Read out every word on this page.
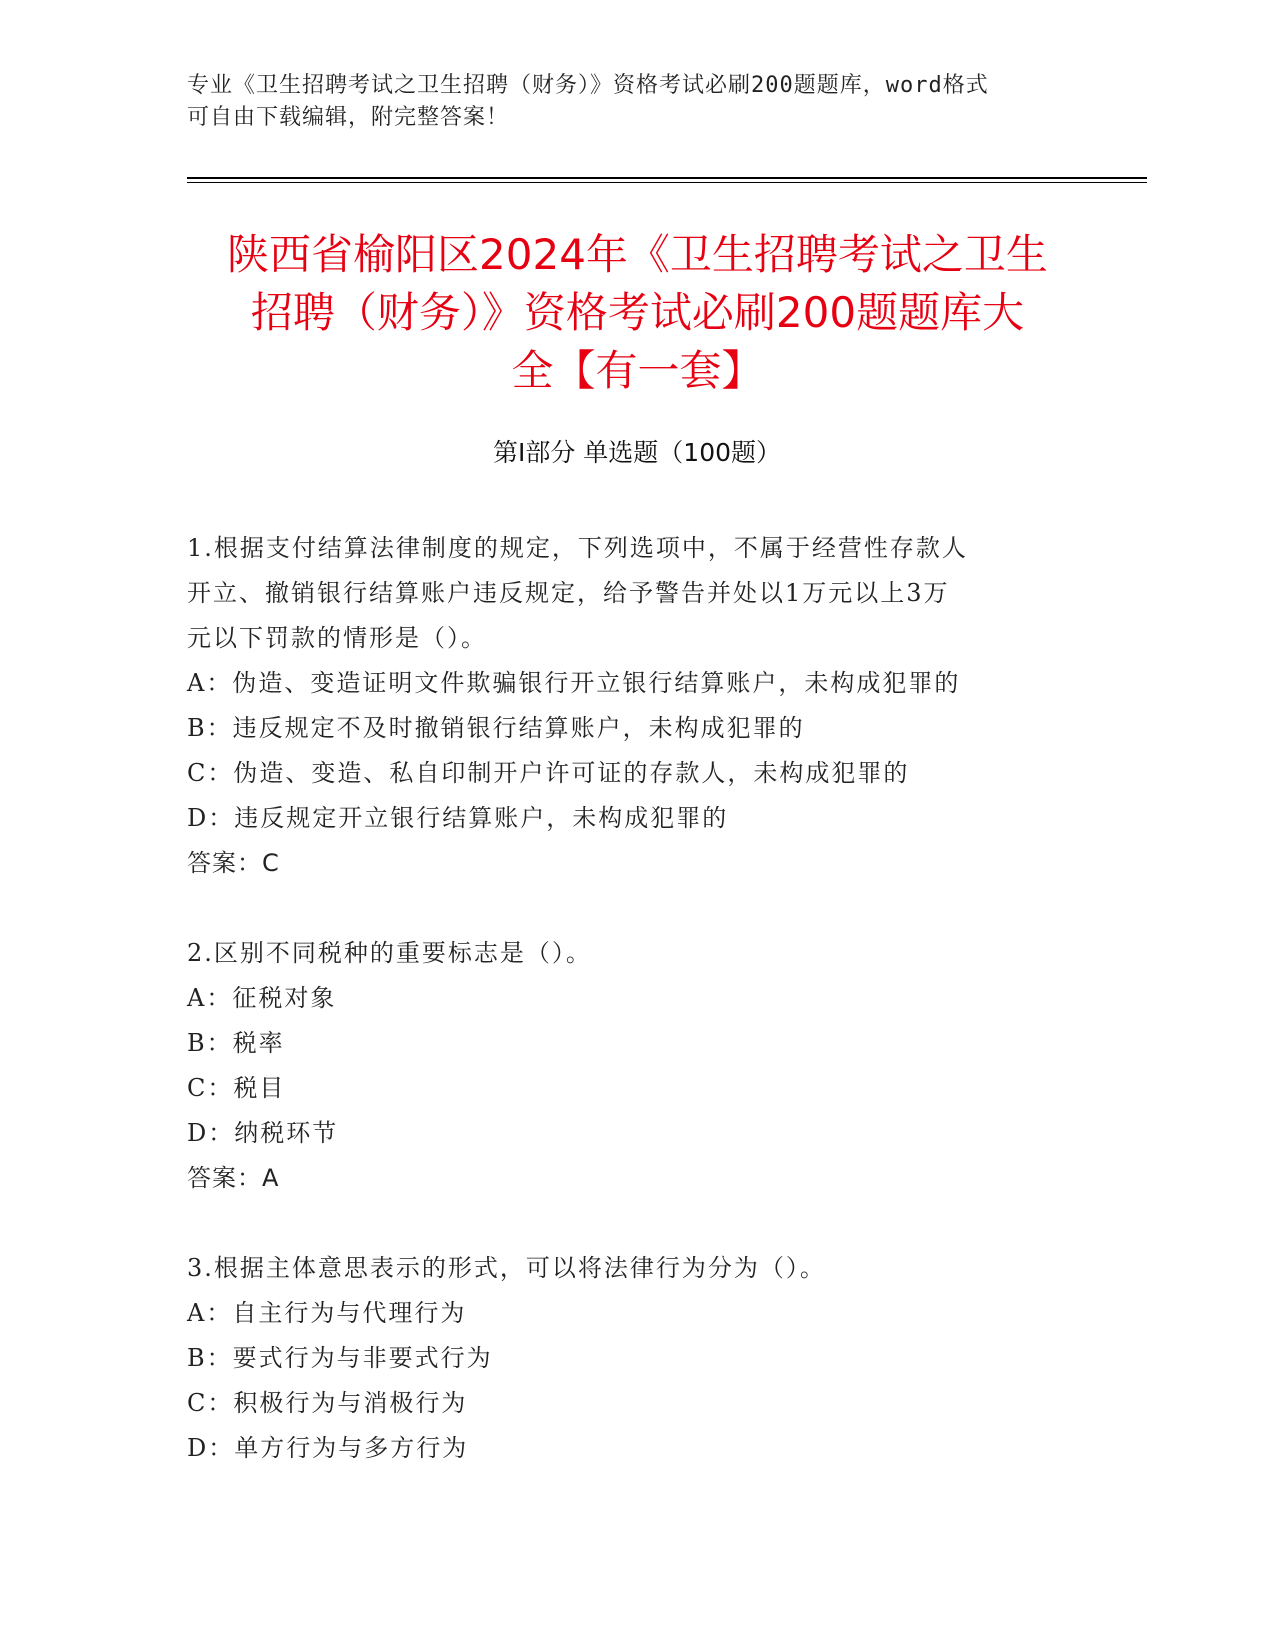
专业《卫生招聘考试之卫生招聘（财务）》资格考试必刷200题题库，word格式
可自由下载编辑，附完整答案！
陕西省榆阳区2024年《卫生招聘考试之卫生
招聘（财务）》资格考试必刷200题题库大
全【有一套】
第Ⅰ部分 单选题（100题）
1.根据支付结算法律制度的规定，下列选项中，不属于经营性存款人
开立、撤销银行结算账户违反规定，给予警告并处以1万元以上3万
元以下罚款的情形是（）。
A：伪造、变造证明文件欺骗银行开立银行结算账户，未构成犯罪的
B：违反规定不及时撤销银行结算账户，未构成犯罪的
C：伪造、变造、私自印制开户许可证的存款人，未构成犯罪的
D：违反规定开立银行结算账户，未构成犯罪的
答案：C
2.区别不同税种的重要标志是（）。
A：征税对象
B：税率
C：税目
D：纳税环节
答案：A
3.根据主体意思表示的形式，可以将法律行为分为（）。
A：自主行为与代理行为
B：要式行为与非要式行为
C：积极行为与消极行为
D：单方行为与多方行为
